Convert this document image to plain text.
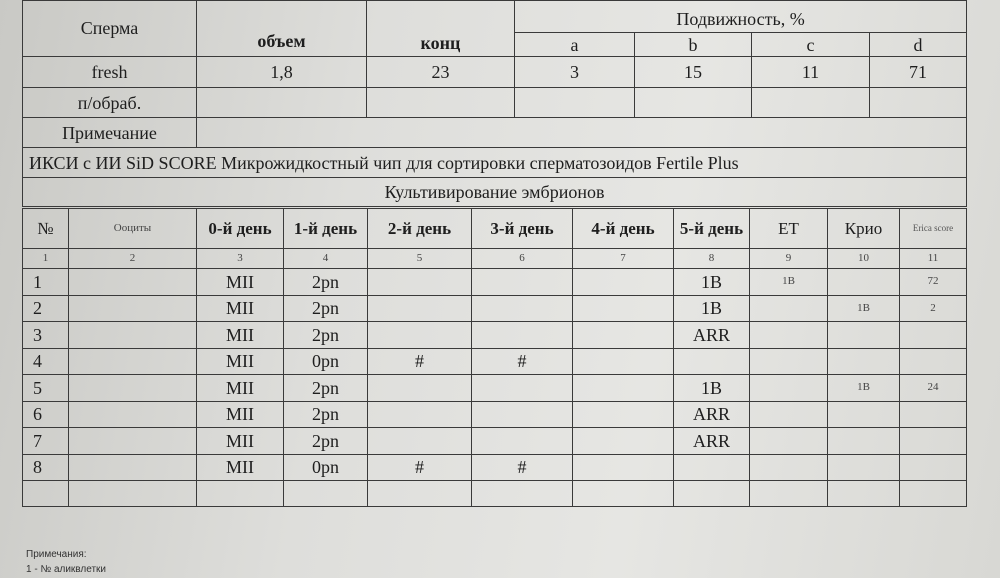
Сперма	объем	конц	Подвижность, %			
			a	b	c	d
fresh	1,8	23	3	15	11	71
п/обраб.						
Примечание						
ИКСИ с ИИ SiD SCORE Микрожидкостный чип для сортировки сперматозоидов Fertile Plus						
Культивирование эмбрионов						
№	Ооциты	0-й день	1-й день	2-й день	3-й день	4-й день	5-й день	ET	Крио	Erica score
1	2	3	4	5	6	7	8	9	10	11
1		MII	2pn				1B	1B		72
2		MII	2pn				1B		1B	2
3		MII	2pn				ARR			
4		MII	0pn	#	#					
5		MII	2pn				1B		1B	24
6		MII	2pn				ARR			
7		MII	2pn				ARR			
8		MII	0pn	#	#					

Примечания:
1 - № аликвлетки
